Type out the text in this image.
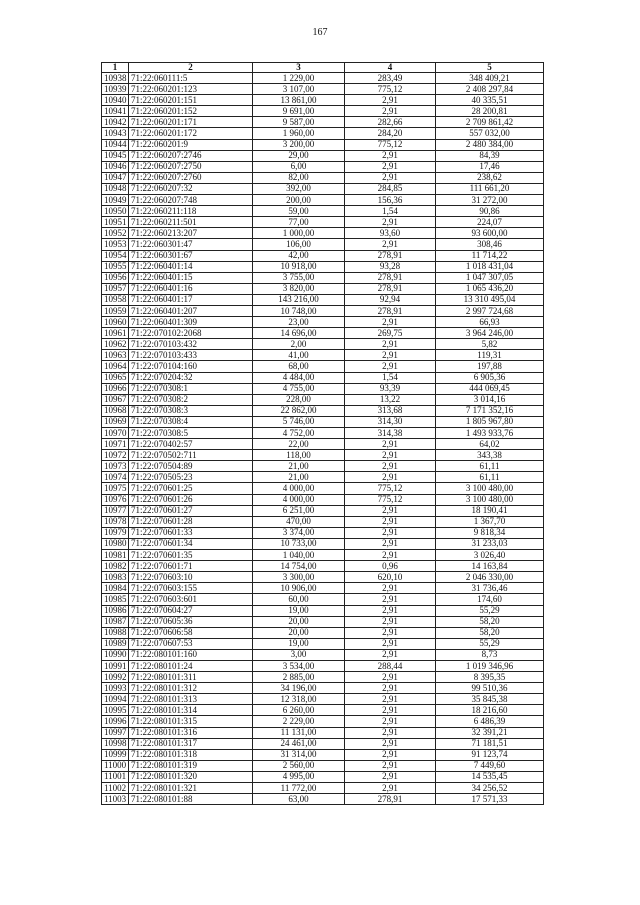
167
1	2	3	4	5
10938	71:22:060111:5	1 229,00	283,49	348 409,21
10939	71:22:060201:123	3 107,00	775,12	2 408 297,84
10940	71:22:060201:151	13 861,00	2,91	40 335,51
10941	71:22:060201:152	9 691,00	2,91	28 200,81
10942	71:22:060201:171	9 587,00	282,66	2 709 861,42
10943	71:22:060201:172	1 960,00	284,20	557 032,00
10944	71:22:060201:9	3 200,00	775,12	2 480 384,00
10945	71:22:060207:2746	29,00	2,91	84,39
10946	71:22:060207:2750	6,00	2,91	17,46
10947	71:22:060207:2760	82,00	2,91	238,62
10948	71:22:060207:32	392,00	284,85	111 661,20
10949	71:22:060207:748	200,00	156,36	31 272,00
10950	71:22:060211:118	59,00	1,54	90,86
10951	71:22:060211:501	77,00	2,91	224,07
10952	71:22:060213:207	1 000,00	93,60	93 600,00
10953	71:22:060301:47	106,00	2,91	308,46
10954	71:22:060301:67	42,00	278,91	11 714,22
10955	71:22:060401:14	10 918,00	93,28	1 018 431,04
10956	71:22:060401:15	3 755,00	278,91	1 047 307,05
10957	71:22:060401:16	3 820,00	278,91	1 065 436,20
10958	71:22:060401:17	143 216,00	92,94	13 310 495,04
10959	71:22:060401:207	10 748,00	278,91	2 997 724,68
10960	71:22:060401:309	23,00	2,91	66,93
10961	71:22:070102:2068	14 696,00	269,75	3 964 246,00
10962	71:22:070103:432	2,00	2,91	5,82
10963	71:22:070103:433	41,00	2,91	119,31
10964	71:22:070104:160	68,00	2,91	197,88
10965	71:22:070204:32	4 484,00	1,54	6 905,36
10966	71:22:070308:1	4 755,00	93,39	444 069,45
10967	71:22:070308:2	228,00	13,22	3 014,16
10968	71:22:070308:3	22 862,00	313,68	7 171 352,16
10969	71:22:070308:4	5 746,00	314,30	1 805 967,80
10970	71:22:070308:5	4 752,00	314,38	1 493 933,76
10971	71:22:070402:57	22,00	2,91	64,02
10972	71:22:070502:711	118,00	2,91	343,38
10973	71:22:070504:89	21,00	2,91	61,11
10974	71:22:070505:23	21,00	2,91	61,11
10975	71:22:070601:25	4 000,00	775,12	3 100 480,00
10976	71:22:070601:26	4 000,00	775,12	3 100 480,00
10977	71:22:070601:27	6 251,00	2,91	18 190,41
10978	71:22:070601:28	470,00	2,91	1 367,70
10979	71:22:070601:33	3 374,00	2,91	9 818,34
10980	71:22:070601:34	10 733,00	2,91	31 233,03
10981	71:22:070601:35	1 040,00	2,91	3 026,40
10982	71:22:070601:71	14 754,00	0,96	14 163,84
10983	71:22:070603:10	3 300,00	620,10	2 046 330,00
10984	71:22:070603:155	10 906,00	2,91	31 736,46
10985	71:22:070603:601	60,00	2,91	174,60
10986	71:22:070604:27	19,00	2,91	55,29
10987	71:22:070605:36	20,00	2,91	58,20
10988	71:22:070606:58	20,00	2,91	58,20
10989	71:22:070607:53	19,00	2,91	55,29
10990	71:22:080101:160	3,00	2,91	8,73
10991	71:22:080101:24	3 534,00	288,44	1 019 346,96
10992	71:22:080101:311	2 885,00	2,91	8 395,35
10993	71:22:080101:312	34 196,00	2,91	99 510,36
10994	71:22:080101:313	12 318,00	2,91	35 845,38
10995	71:22:080101:314	6 260,00	2,91	18 216,60
10996	71:22:080101:315	2 229,00	2,91	6 486,39
10997	71:22:080101:316	11 131,00	2,91	32 391,21
10998	71:22:080101:317	24 461,00	2,91	71 181,51
10999	71:22:080101:318	31 314,00	2,91	91 123,74
11000	71:22:080101:319	2 560,00	2,91	7 449,60
11001	71:22:080101:320	4 995,00	2,91	14 535,45
11002	71:22:080101:321	11 772,00	2,91	34 256,52
11003	71:22:080101:88	63,00	278,91	17 571,33
